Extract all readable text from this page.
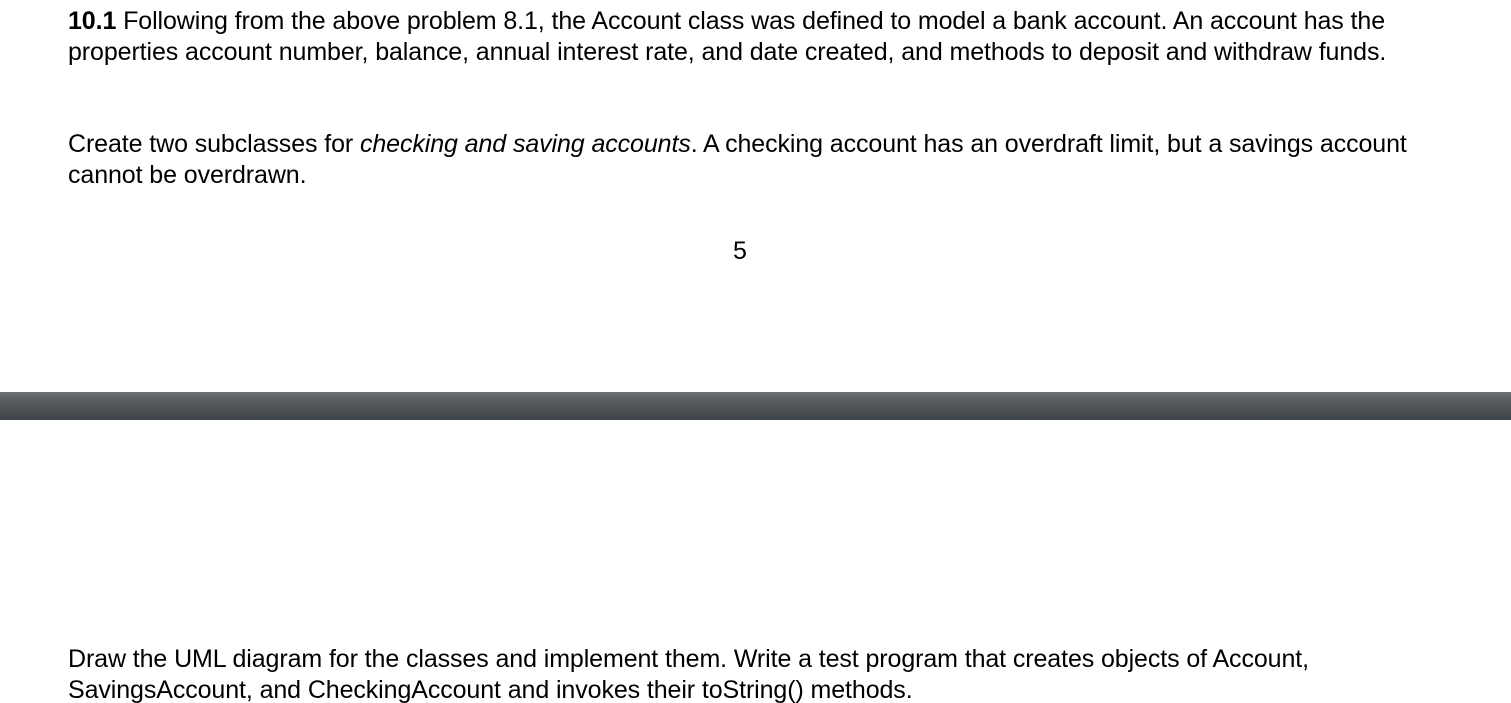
10.1 Following from the above problem 8.1, the Account class was defined to model a bank account. An account has the properties account number, balance, annual interest rate, and date created, and methods to deposit and withdraw funds.

Create two subclasses for checking and saving accounts. A checking account has an overdraft limit, but a savings account cannot be overdrawn.

5

Draw the UML diagram for the classes and implement them. Write a test program that creates objects of Account, SavingsAccount, and CheckingAccount and invokes their toString() methods.
